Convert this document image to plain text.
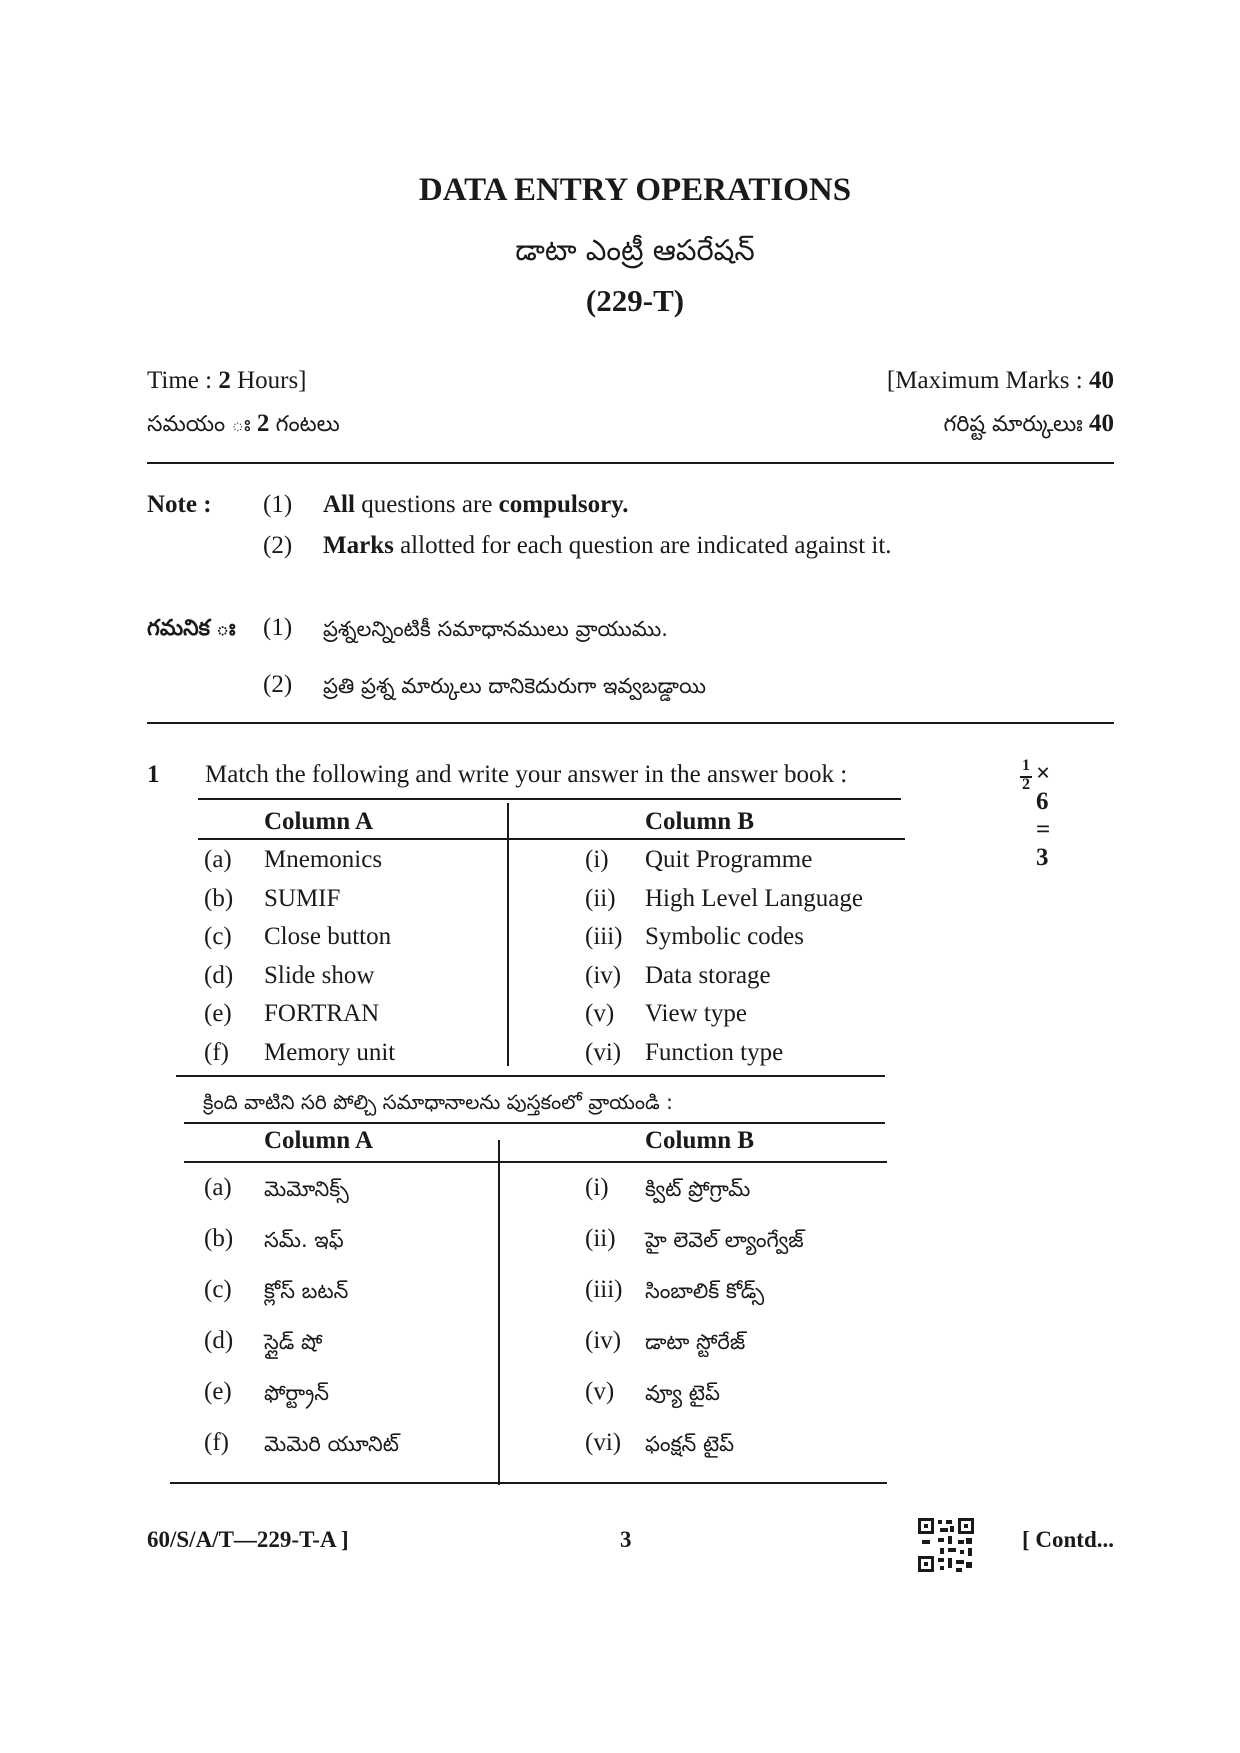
DATA ENTRY OPERATIONS
డాటా ఎంట్రీ ఆపరేషన్
(229-T)
Time : 2 Hours]	[Maximum Marks : 40
సమయం ః 2 గంటలు	గరిష్ట మార్కులుః 40
Note : (1) All questions are compulsory.
(2) Marks allotted for each question are indicated against it.
గమనిక ః (1) ప్రశ్నలన్నింటికీ సమాధానములు వ్రాయుము.
(2) ప్రతి ప్రశ్న మార్కులు దానికెదురుగా ఇవ్వబడ్డాయి
1 Match the following and write your answer in the answer book :	1
2 × 6 = 3
Column A	Column B
(a) Mnemonics	(i) Quit Programme
(b) SUMIF	(ii) High Level Language
(c) Close button	(iii) Symbolic codes
(d) Slide show	(iv) Data storage
(e) FORTRAN	(v) View type
(f) Memory unit	(vi) Function type
క్రింది వాటిని సరి పోల్చి సమాధానాలను పుస్తకంలో వ్రాయండి :
Column A	Column B
(a) మెమోనిక్స్	(i) క్విట్ ప్రోగ్రామ్
(b) సమ్. ఇఫ్	(ii) హై లెవెల్ ల్యాంగ్వేజ్
(c) క్లోస్ బటన్	(iii) సింబాలిక్ కోడ్స్
(d) స్లైడ్ షో	(iv) డాటా స్టోరేజ్
(e) ఫోర్ట్రాన్	(v) వ్యూ టైప్
(f) మెమెరి యూనిట్	(vi) ఫంక్షన్ టైప్
60/S/A/T—229-T-A ]	3	[ Contd...
